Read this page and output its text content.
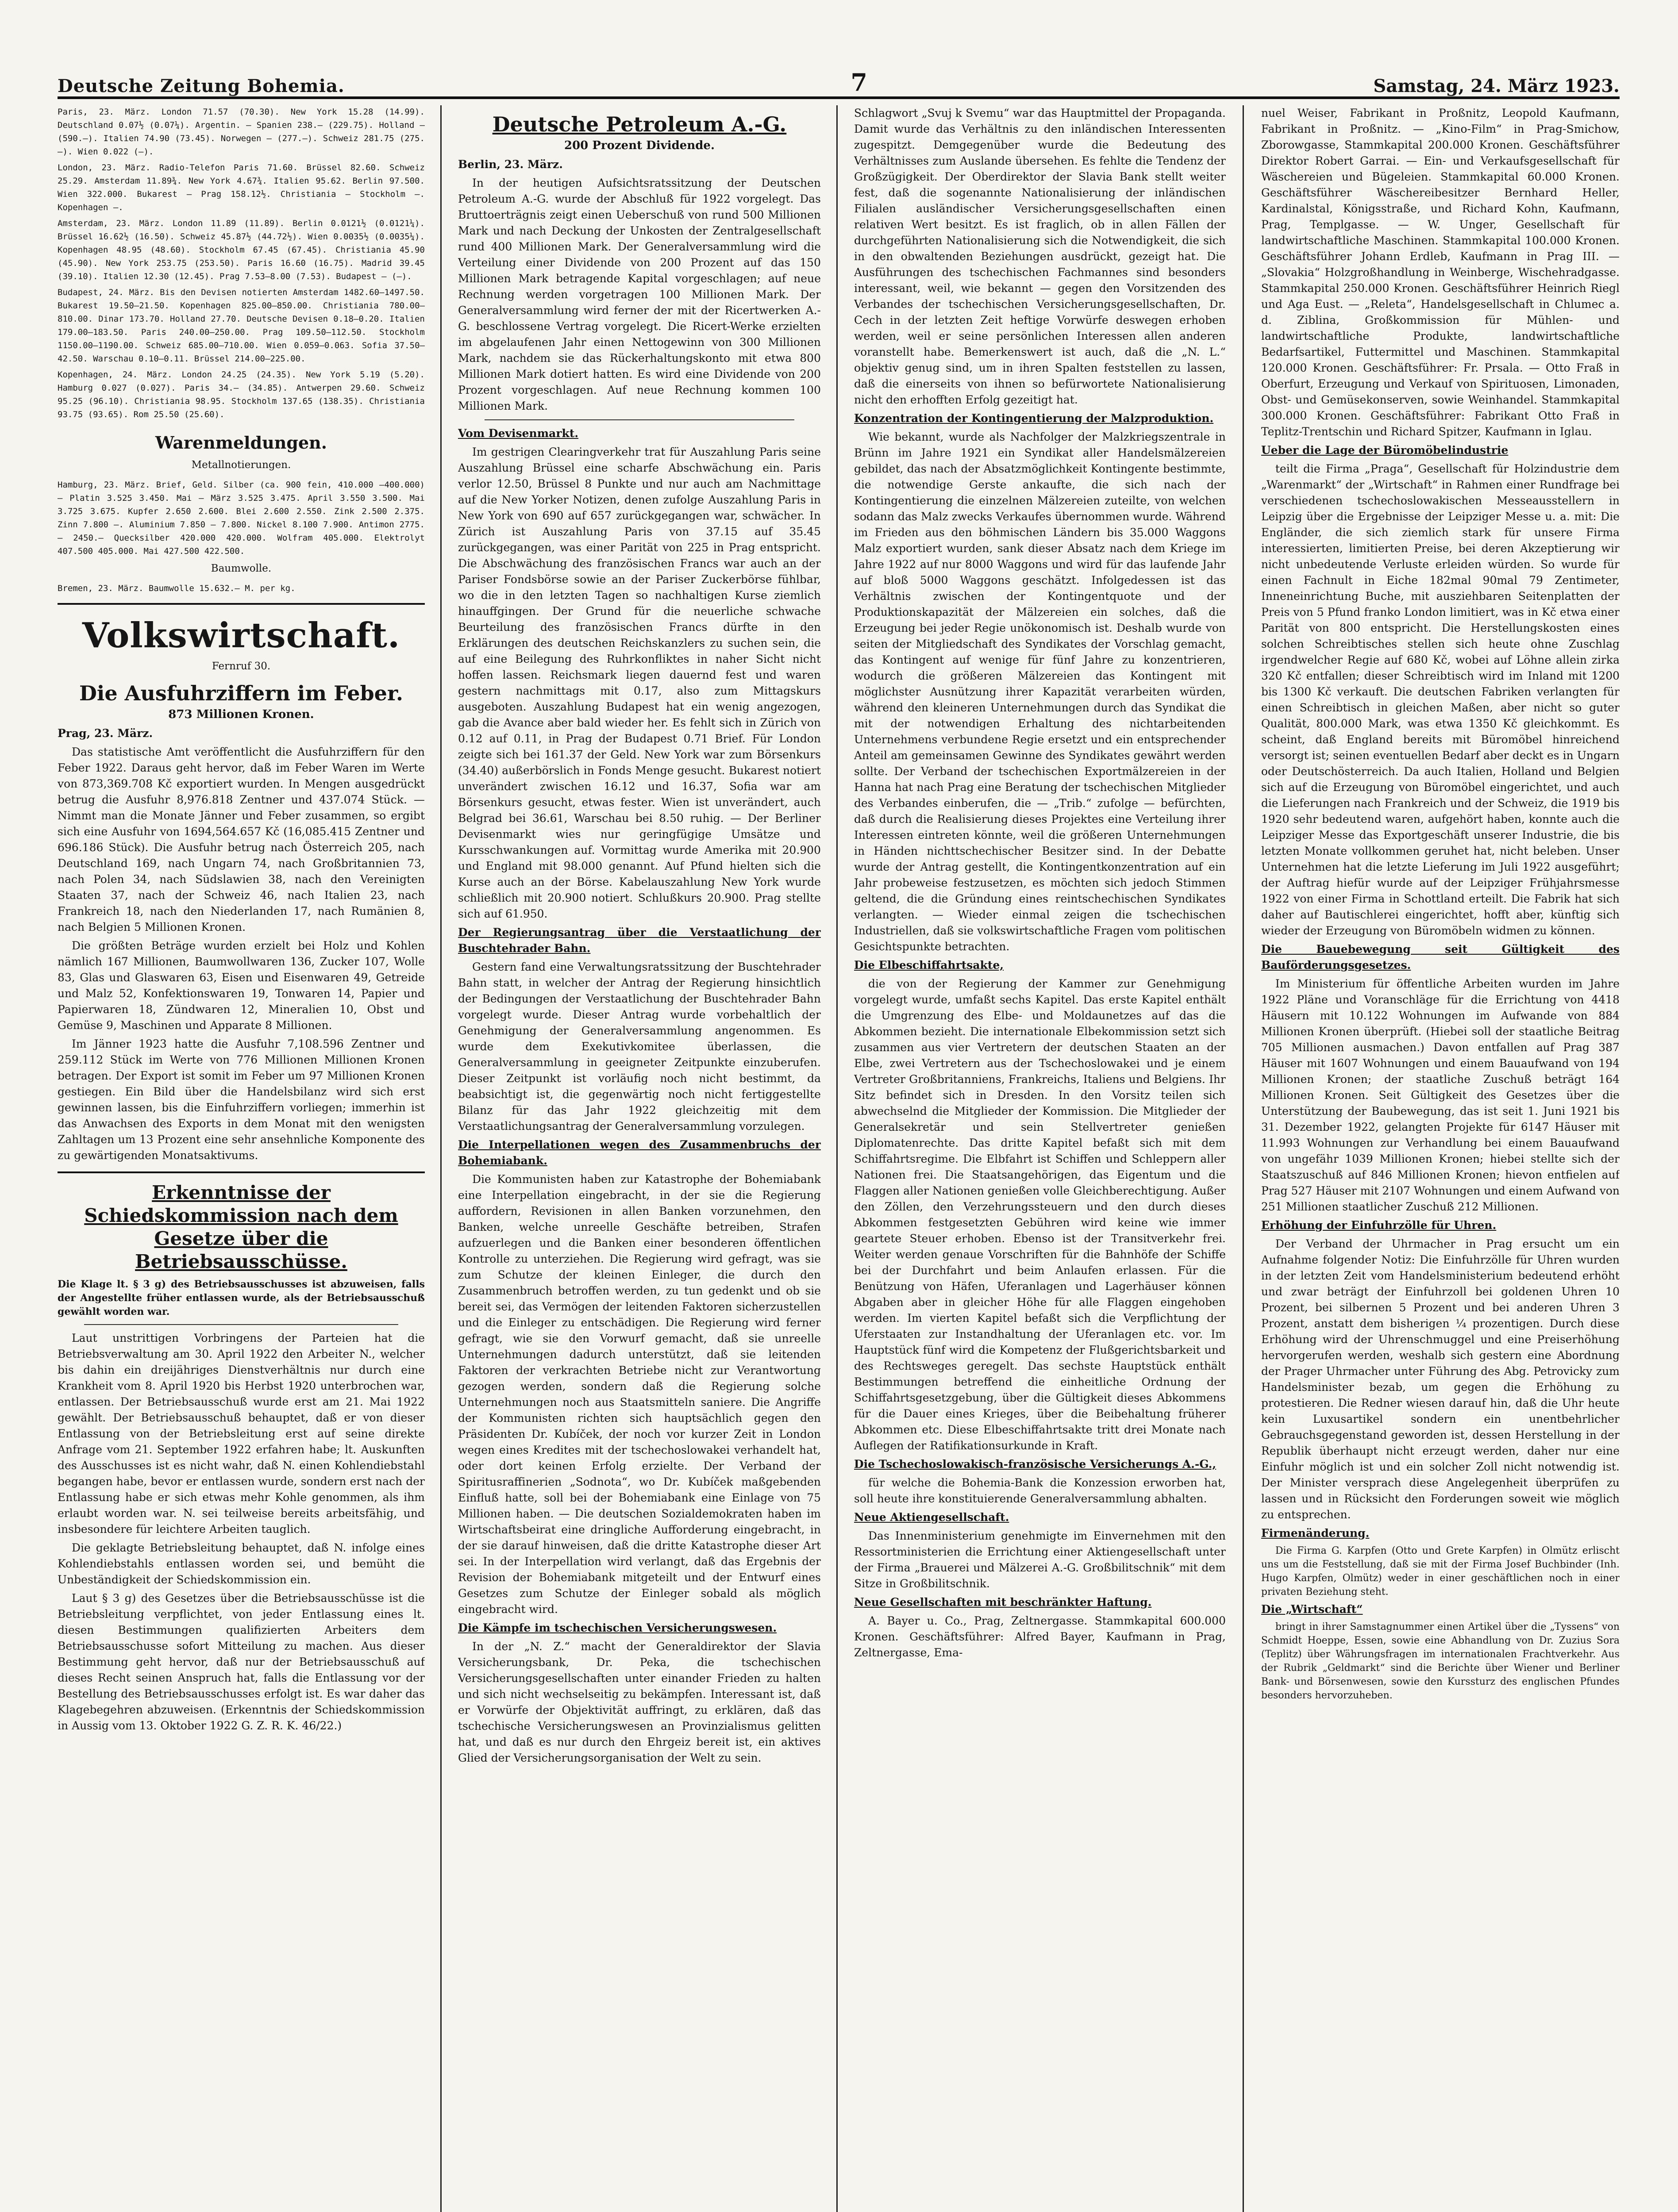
Deutsche Zeitung Bohemia.	7	Samstag, 24. März 1923.

Paris, 23. März. London 71.57 (70.30). New York 15.28 (14.99). Deutschland 0.07½ (0.07¼). Argentin. — Spanien 238.— (229.75). Holland — (590.—). Italien 74.90 (73.45). Norwegen — (277.—). Schweiz 281.75 (275.—). Wien 0.022 (—).

London, 23. März. Radio-Telefon Paris 71.60. Brüssel 82.60. Schweiz 25.29. Amsterdam 11.89¾. New York 4.67¾. Italien 95.62. Berlin 97.500. Wien 322.000. Bukarest — Prag 158.12½. Christiania — Stockholm —. Kopenhagen —.

Amsterdam, 23. März. London 11.89 (11.89). Berlin 0.0121½ (0.0121¼). Brüssel 16.62½ (16.50). Schweiz 45.87½ (44.72½). Wien 0.0035½ (0.0035¼). Kopenhagen 48.95 (48.60). Stockholm 67.45 (67.45). Christiania 45.90 (45.90). New York 253.75 (253.50). Paris 16.60 (16.75). Madrid 39.45 (39.10). Italien 12.30 (12.45). Prag 7.53—8.00 (7.53). Budapest — (—).

Budapest, 24. März. Bis den Devisen notierten Amsterdam 1482.60—1497.50. Bukarest 19.50—21.50. Kopenhagen 825.00—850.00. Christiania 780.00—810.00. Dinar 173.70. Holland 27.70. Deutsche Devisen 0.18—0.20. Italien 179.00—183.50. Paris 240.00—250.00. Prag 109.50—112.50. Stockholm 1150.00—1190.00. Schweiz 685.00—710.00. Wien 0.059—0.063. Sofia 37.50—42.50. Warschau 0.10—0.11. Brüssel 214.00—225.00.

Kopenhagen, 24. März. London 24.25 (24.35). New York 5.19 (5.20). Hamburg 0.027 (0.027). Paris 34.— (34.85). Antwerpen 29.60. Schweiz 95.25 (96.10). Christiania 98.95. Stockholm 137.65 (138.35). Christiania 93.75 (93.65). Rom 25.50 (25.60).

Warenmeldungen.
Metallnotierungen.

Hamburg, 23. März. Brief, Geld. Silber (ca. 900 fein, 410.000 —400.000) — Platin 3.525 3.450. Mai — März 3.525 3.475. April 3.550 3.500. Mai 3.725 3.675. Kupfer 2.650 2.600. Blei 2.600 2.550. Zink 2.500 2.375. Zinn 7.800 —. Aluminium 7.850 — 7.800. Nickel 8.100 7.900. Antimon 2775.— 2450.— Quecksilber 420.000 420.000. Wolfram 405.000. Elektrolyt 407.500 405.000. Mai 427.500 422.500.

Baumwolle.

Bremen, 23. März. Baumwolle 15.632.— M. per kg.

Volkswirtschaft.
Fernruf 30.
Die Ausfuhrziffern im Feber.
873 Millionen Kronen.

Prag, 23. März.

Das statistische Amt veröffentlicht die Ausfuhrziffern für den Feber 1922. Daraus geht hervor, daß im Feber Waren im Werte von 873,369.708 Kč exportiert wurden. In Mengen ausgedrückt betrug die Ausfuhr 8,976.818 Zentner und 437.074 Stück. — Nimmt man die Monate Jänner und Feber zusammen, so ergibt sich eine Ausfuhr von 1694,564.657 Kč (16,085.415 Zentner und 696.186 Stück). Die Ausfuhr betrug nach Österreich 205, nach Deutschland 169, nach Ungarn 74, nach Großbritannien 73, nach Polen 34, nach Südslawien 38, nach den Vereinigten Staaten 37, nach der Schweiz 46, nach Italien 23, nach Frankreich 18, nach den Niederlanden 17, nach Rumänien 8, nach Belgien 5 Millionen Kronen.

Die größten Beträge wurden erzielt bei Holz und Kohlen nämlich 167 Millionen, Baumwollwaren 136, Zucker 107, Wolle 83, Glas und Glaswaren 63, Eisen und Eisenwaren 49, Getreide und Malz 52, Konfektionswaren 19, Tonwaren 14, Papier und Papierwaren 18, Zündwaren 12, Mineralien 10, Obst und Gemüse 9, Maschinen und Apparate 8 Millionen.

Im Jänner 1923 hatte die Ausfuhr 7,108.596 Zentner und 259.112 Stück im Werte von 776 Millionen Millionen Kronen betragen. Der Export ist somit im Feber um 97 Millionen Kronen gestiegen. Ein Bild über die Handelsbilanz wird sich erst gewinnen lassen, bis die Einfuhrziffern vorliegen; immerhin ist das Anwachsen des Exports in dem Monat mit den wenigsten Zahltagen um 13 Prozent eine sehr ansehnliche Komponente des zu gewärtigenden Monatsaktivums.

Erkenntnisse der Schiedskommission nach dem Gesetze über die Betriebsausschüsse.

Die Klage lt. § 3 g) des Betriebsausschusses ist abzuweisen, falls der Angestellte früher entlassen wurde, als der Betriebsausschuß gewählt worden war.

Laut unstrittigen Vorbringens der Parteien hat die Betriebsverwaltung am 30. April 1922 den Arbeiter N., welcher bis dahin ein dreijähriges Dienstverhältnis nur durch eine Krankheit vom 8. April 1920 bis Herbst 1920 unterbrochen war, entlassen. Der Betriebsausschuß wurde erst am 21. Mai 1922 gewählt. Der Betriebsausschuß behauptet, daß er von dieser Entlassung von der Betriebsleitung erst auf seine direkte Anfrage vom 21. September 1922 erfahren habe; lt. Auskunften des Ausschusses ist es nicht wahr, daß N. einen Kohlendiebstahl begangen habe, bevor er entlassen wurde, sondern erst nach der Entlassung habe er sich etwas mehr Kohle genommen, als ihm erlaubt worden war. N. sei teilweise bereits arbeitsfähig, und insbesondere für leichtere Arbeiten tauglich.

Die geklagte Betriebsleitung behauptet, daß N. infolge eines Kohlendiebstahls entlassen worden sei, und bemüht die Unbeständigkeit der Schiedskommission ein.

Laut § 3 g) des Gesetzes über die Betriebsausschüsse ist die Betriebsleitung verpflichtet, von jeder Entlassung eines lt. diesen Bestimmungen qualifizierten Arbeiters dem Betriebsausschusse sofort Mitteilung zu machen. Aus dieser Bestimmung geht hervor, daß nur der Betriebsausschuß auf dieses Recht seinen Anspruch hat, falls die Entlassung vor der Bestellung des Betriebsausschusses erfolgt ist. Es war daher das Klagebegehren abzuweisen. (Erkenntnis der Schiedskommission in Aussig vom 13. Oktober 1922 G. Z. R. K. 46/22.)

Deutsche Petroleum A.-G.
200 Prozent Dividende.

Berlin, 23. März.

In der heutigen Aufsichtsratssitzung der Deutschen Petroleum A.-G. wurde der Abschluß für 1922 vorgelegt. Das Bruttoerträgnis zeigt einen Ueberschuß von rund 500 Millionen Mark und nach Deckung der Unkosten der Zentralgesellschaft rund 400 Millionen Mark. Der Generalversammlung wird die Verteilung einer Dividende von 200 Prozent auf das 150 Millionen Mark betragende Kapital vorgeschlagen; auf neue Rechnung werden vorgetragen 100 Millionen Mark. Der Generalversammlung wird ferner der mit der Ricertwerken A.-G. beschlossene Vertrag vorgelegt. Die Ricert-Werke erzielten im abgelaufenen Jahr einen Nettogewinn von 300 Millionen Mark, nachdem sie das Rückerhaltungskonto mit etwa 800 Millionen Mark dotiert hatten. Es wird eine Dividende von 200 Prozent vorgeschlagen. Auf neue Rechnung kommen 100 Millionen Mark.

Vom Devisenmarkt.

Im gestrigen Clearingverkehr trat für Auszahlung Paris seine Auszahlung Brüssel eine scharfe Abschwächung ein. Paris verlor 12.50, Brüssel 8 Punkte und nur auch am Nachmittage auf die New Yorker Notizen, denen zufolge Auszahlung Paris in New York von 690 auf 657 zurückgegangen war, schwächer. In Zürich ist Auszahlung Paris von 37.15 auf 35.45 zurückgegangen, was einer Parität von 225 in Prag entspricht. Die Abschwächung des französischen Francs war auch an der Pariser Fondsbörse sowie an der Pariser Zuckerbörse fühlbar, wo die in den letzten Tagen so nachhaltigen Kurse ziemlich hinauffgingen. Der Grund für die neuerliche schwache Beurteilung des französischen Francs dürfte in den Erklärungen des deutschen Reichskanzlers zu suchen sein, die auf eine Beilegung des Ruhrkonfliktes in naher Sicht nicht hoffen lassen. Reichsmark liegen dauernd fest und waren gestern nachmittags mit 0.17, also zum Mittagskurs ausgeboten. Auszahlung Budapest hat ein wenig angezogen, gab die Avance aber bald wieder her. Es fehlt sich in Zürich von 0.12 auf 0.11, in Prag der Budapest 0.71 Brief. Für London zeigte sich bei 161.37 der Geld. New York war zum Börsenkurs (34.40) außerbörslich in Fonds Menge gesucht. Bukarest notiert unverändert zwischen 16.12 und 16.37, Sofia war am Börsenkurs gesucht, etwas fester. Wien ist unverändert, auch Belgrad bei 36.61, Warschau bei 8.50 ruhig. — Der Berliner Devisenmarkt wies nur geringfügige Umsätze und Kursschwankungen auf. Vormittag wurde Amerika mit 20.900 und England mit 98.000 genannt. Auf Pfund hielten sich die Kurse auch an der Börse. Kabelauszahlung New York wurde schließlich mit 20.900 notiert. Schlußkurs 20.900. Prag stellte sich auf 61.950.

Der Regierungsantrag über die Verstaatlichung der Buschtehrader Bahn.

Gestern fand eine Verwaltungsratssitzung der Buschtehrader Bahn statt, in welcher der Antrag der Regierung hinsichtlich der Bedingungen der Verstaatlichung der Buschtehrader Bahn vorgelegt wurde. Dieser Antrag wurde vorbehaltlich der Genehmigung der Generalversammlung angenommen. Es wurde dem Exekutivkomitee überlassen, die Generalversammlung in geeigneter Zeitpunkte einzuberufen. Dieser Zeitpunkt ist vorläufig noch nicht bestimmt, da beabsichtigt ist, die gegenwärtig noch nicht fertiggestellte Bilanz für das Jahr 1922 gleichzeitig mit dem Verstaatlichungsantrag der Generalversammlung vorzulegen.

Die Interpellationen wegen des Zusammenbruchs der Bohemiabank.

Die Kommunisten haben zur Katastrophe der Bohemiabank eine Interpellation eingebracht, in der sie die Regierung auffordern, Revisionen in allen Banken vorzunehmen, den Banken, welche unreelle Geschäfte betreiben, Strafen aufzuerlegen und die Banken einer besonderen öffentlichen Kontrolle zu unterziehen. Die Regierung wird gefragt, was sie zum Schutze der kleinen Einleger, die durch den Zusammenbruch betroffen werden, zu tun gedenkt und ob sie bereit sei, das Vermögen der leitenden Faktoren sicherzustellen und die Einleger zu entschädigen. Die Regierung wird ferner gefragt, wie sie den Vorwurf gemacht, daß sie unreelle Unternehmungen dadurch unterstützt, daß sie leitenden Faktoren der verkrachten Betriebe nicht zur Verantwortung gezogen werden, sondern daß die Regierung solche Unternehmungen noch aus Staatsmitteln saniere. Die Angriffe der Kommunisten richten sich hauptsächlich gegen den Präsidenten Dr. Kubíček, der noch vor kurzer Zeit in London wegen eines Kredites mit der tschechoslowakei verhandelt hat, oder dort keinen Erfolg erzielte. Der Verband der Spiritusraffinerien „Sodnota“, wo Dr. Kubíček maßgebenden Einfluß hatte, soll bei der Bohemiabank eine Einlage von 75 Millionen haben. — Die deutschen Sozialdemokraten haben im Wirtschaftsbeirat eine dringliche Aufforderung eingebracht, in der sie darauf hinweisen, daß die dritte Katastrophe dieser Art sei. In der Interpellation wird verlangt, daß das Ergebnis der Revision der Bohemiabank mitgeteilt und der Entwurf eines Gesetzes zum Schutze der Einleger sobald als möglich eingebracht wird.

Die Kämpfe im tschechischen Versicherungswesen.

In der „N. Z.“ macht der Generaldirektor der Slavia Versicherungsbank, Dr. Peka, die tschechischen Versicherungsgesellschaften unter einander Frieden zu halten und sich nicht wechselseitig zu bekämpfen. Interessant ist, daß er Vorwürfe der Objektivität auffringt, zu erklären, daß das tschechische Versicherungswesen an Provinzialismus gelitten hat, und daß es nur durch den Ehrgeiz bereit ist, ein aktives Glied der Versicherungsorganisation der Welt zu sein.

Schlagwort „Svuj k Svemu“ war das Hauptmittel der Propaganda. Damit wurde das Verhältnis zu den inländischen Interessenten zugespitzt. Demgegenüber wurde die Bedeutung des Verhältnisses zum Auslande übersehen. Es fehlte die Tendenz der Großzügigkeit. Der Oberdirektor der Slavia Bank stellt weiter fest, daß die sogenannte Nationalisierung der inländischen Filialen ausländischer Versicherungsgesellschaften einen relativen Wert besitzt. Es ist fraglich, ob in allen Fällen der durchgeführten Nationalisierung sich die Notwendigkeit, die sich in den obwaltenden Beziehungen ausdrückt, gezeigt hat. Die Ausführungen des tschechischen Fachmannes sind besonders interessant, weil, wie bekannt — gegen den Vorsitzenden des Verbandes der tschechischen Versicherungsgesellschaften, Dr. Cech in der letzten Zeit heftige Vorwürfe deswegen erhoben werden, weil er seine persönlichen Interessen allen anderen voranstellt habe. Bemerkenswert ist auch, daß die „N. L.“ objektiv genug sind, um in ihren Spalten feststellen zu lassen, daß die einerseits von ihnen so befürwortete Nationalisierung nicht den erhofften Erfolg gezeitigt hat.

Konzentration der Kontingentierung der Malzproduktion.

Wie bekannt, wurde als Nachfolger der Malzkriegszentrale in Brünn im Jahre 1921 ein Syndikat aller Handelsmälzereien gebildet, das nach der Absatzmöglichkeit Kontingente bestimmte, die notwendige Gerste ankaufte, die sich nach der Kontingentierung die einzelnen Mälzereien zuteilte, von welchen sodann das Malz zwecks Verkaufes übernommen wurde. Während im Frieden aus den böhmischen Ländern bis 35.000 Waggons Malz exportiert wurden, sank dieser Absatz nach dem Kriege im Jahre 1922 auf nur 8000 Waggons und wird für das laufende Jahr auf bloß 5000 Waggons geschätzt. Infolgedessen ist das Verhältnis zwischen der Kontingentquote und der Produktionskapazität der Mälzereien ein solches, daß die Erzeugung bei jeder Regie unökonomisch ist. Deshalb wurde von seiten der Mitgliedschaft des Syndikates der Vorschlag gemacht, das Kontingent auf wenige für fünf Jahre zu konzentrieren, wodurch die größeren Mälzereien das Kontingent mit möglichster Ausnützung ihrer Kapazität verarbeiten würden, während den kleineren Unternehmungen durch das Syndikat die mit der notwendigen Erhaltung des nichtarbeitenden Unternehmens verbundene Regie ersetzt und ein entsprechender Anteil am gemeinsamen Gewinne des Syndikates gewährt werden sollte. Der Verband der tschechischen Exportmälzereien in der Hanna hat nach Prag eine Beratung der tschechischen Mitglieder des Verbandes einberufen, die — „Trib.“ zufolge — befürchten, daß durch die Realisierung dieses Projektes eine Verteilung ihrer Interessen eintreten könnte, weil die größeren Unternehmungen in Händen nichttschechischer Besitzer sind. In der Debatte wurde der Antrag gestellt, die Kontingentkonzentration auf ein Jahr probeweise festzusetzen, es möchten sich jedoch Stimmen geltend, die die Gründung eines reintschechischen Syndikates verlangten. — Wieder einmal zeigen die tschechischen Industriellen, daß sie volkswirtschaftliche Fragen vom politischen Gesichtspunkte betrachten.

Die Elbeschiffahrtsakte,

die von der Regierung der Kammer zur Genehmigung vorgelegt wurde, umfaßt sechs Kapitel. Das erste Kapitel enthält die Umgrenzung des Elbe- und Moldaunetzes auf das die Abkommen bezieht. Die internationale Elbekommission setzt sich zusammen aus vier Vertretern der deutschen Staaten an der Elbe, zwei Vertretern aus der Tschechoslowakei und je einem Vertreter Großbritanniens, Frankreichs, Italiens und Belgiens. Ihr Sitz befindet sich in Dresden. In den Vorsitz teilen sich abwechselnd die Mitglieder der Kommission. Die Mitglieder der Generalsekretär und sein Stellvertreter genießen Diplomatenrechte. Das dritte Kapitel befaßt sich mit dem Schiffahrtsregime. Die Elbfahrt ist Schiffen und Schleppern aller Nationen frei. Die Staatsangehörigen, das Eigentum und die Flaggen aller Nationen genießen volle Gleichberechtigung. Außer den Zöllen, den Verzehrungssteuern und den durch dieses Abkommen festgesetzten Gebühren wird keine wie immer geartete Steuer erhoben. Ebenso ist der Transitverkehr frei. Weiter werden genaue Vorschriften für die Bahnhöfe der Schiffe bei der Durchfahrt und beim Anlaufen erlassen. Für die Benützung von Häfen, Uferanlagen und Lagerhäuser können Abgaben aber in gleicher Höhe für alle Flaggen eingehoben werden. Im vierten Kapitel befaßt sich die Verpflichtung der Uferstaaten zur Instandhaltung der Uferanlagen etc. vor. Im Hauptstück fünf wird die Kompetenz der Flußgerichtsbarkeit und des Rechtsweges geregelt. Das sechste Hauptstück enthält Bestimmungen betreffend die einheitliche Ordnung der Schiffahrtsgesetzgebung, über die Gültigkeit dieses Abkommens für die Dauer eines Krieges, über die Beibehaltung früherer Abkommen etc. Diese Elbeschiffahrtsakte tritt drei Monate nach Auflegen der Ratifikationsurkunde in Kraft.

Die Tschechoslowakisch-französische Versicherungs A.-G.,

für welche die Bohemia-Bank die Konzession erworben hat, soll heute ihre konstituierende Generalversammlung abhalten.

Neue Aktiengesellschaft.

Das Innenministerium genehmigte im Einvernehmen mit den Ressortministerien die Errichtung einer Aktiengesellschaft unter der Firma „Brauerei und Mälzerei A.-G. Großbilitschnik“ mit dem Sitze in Großbilitschnik.

Neue Gesellschaften mit beschränkter Haftung.

A. Bayer u. Co., Prag, Zeltnergasse. Stammkapital 600.000 Kronen. Geschäftsführer: Alfred Bayer, Kaufmann in Prag, Zeltnergasse, Ema-

nuel Weiser, Fabrikant in Proßnitz, Leopold Kaufmann, Fabrikant in Proßnitz. — „Kino-Film“ in Prag-Smichow, Zborowgasse, Stammkapital 200.000 Kronen. Geschäftsführer Direktor Robert Garrai. — Ein- und Verkaufsgesellschaft für Wäschereien und Bügeleien. Stammkapital 60.000 Kronen. Geschäftsführer Wäschereibesitzer Bernhard Heller, Kardinalstal, Königsstraße, und Richard Kohn, Kaufmann, Prag, Templgasse. — W. Unger, Gesellschaft für landwirtschaftliche Maschinen. Stammkapital 100.000 Kronen. Geschäftsführer Johann Erdleb, Kaufmann in Prag III. — „Slovakia“ Holzgroßhandlung in Weinberge, Wischehradgasse. Stammkapital 250.000 Kronen. Geschäftsführer Heinrich Riegl und Aga Eust. — „Releta“, Handelsgesellschaft in Chlumec a. d. Ziblina, Großkommission für Mühlen- und landwirtschaftliche Produkte, landwirtschaftliche Bedarfsartikel, Futtermittel und Maschinen. Stammkapital 120.000 Kronen. Geschäftsführer: Fr. Prsala. — Otto Fraß in Oberfurt, Erzeugung und Verkauf von Spirituosen, Limonaden, Obst- und Gemüsekonserven, sowie Weinhandel. Stammkapital 300.000 Kronen. Geschäftsführer: Fabrikant Otto Fraß in Teplitz-Trentschin und Richard Spitzer, Kaufmann in Iglau.

Ueber die Lage der Büromöbelindustrie

teilt die Firma „Praga“, Gesellschaft für Holzindustrie dem „Warenmarkt“ der „Wirtschaft“ in Rahmen einer Rundfrage bei verschiedenen tschechoslowakischen Messeausstellern in Leipzig über die Ergebnisse der Leipziger Messe u. a. mit: Die Engländer, die sich ziemlich stark für unsere Firma interessierten, limitierten Preise, bei deren Akzeptierung wir nicht unbedeutende Verluste erleiden würden. So wurde für einen Fachnult in Eiche 182mal 90mal 79 Zentimeter, Inneneinrichtung Buche, mit ausziehbaren Seitenplatten der Preis von 5 Pfund franko London limitiert, was in Kč etwa einer Parität von 800 entspricht. Die Herstellungskosten eines solchen Schreibtisches stellen sich heute ohne Zuschlag irgendwelcher Regie auf 680 Kč, wobei auf Löhne allein zirka 320 Kč entfallen; dieser Schreibtisch wird im Inland mit 1200 bis 1300 Kč verkauft. Die deutschen Fabriken verlangten für einen Schreibtisch in gleichen Maßen, aber nicht so guter Qualität, 800.000 Mark, was etwa 1350 Kč gleichkommt. Es scheint, daß England bereits mit Büromöbel hinreichend versorgt ist; seinen eventuellen Bedarf aber deckt es in Ungarn oder Deutschösterreich. Da auch Italien, Holland und Belgien sich auf die Erzeugung von Büromöbel eingerichtet, und auch die Lieferungen nach Frankreich und der Schweiz, die 1919 bis 1920 sehr bedeutend waren, aufgehört haben, konnte auch die Leipziger Messe das Exportgeschäft unserer Industrie, die bis letzten Monate vollkommen geruhet hat, nicht beleben. Unser Unternehmen hat die letzte Lieferung im Juli 1922 ausgeführt; der Auftrag hiefür wurde auf der Leipziger Frühjahrsmesse 1922 von einer Firma in Schottland erteilt. Die Fabrik hat sich daher auf Bautischlerei eingerichtet, hofft aber, künftig sich wieder der Erzeugung von Büromöbeln widmen zu können.

Die Bauebewegung seit Gültigkeit des Bauförderungsgesetzes.

Im Ministerium für öffentliche Arbeiten wurden im Jahre 1922 Pläne und Voranschläge für die Errichtung von 4418 Häusern mit 10.122 Wohnungen im Aufwande von 884 Millionen Kronen überprüft. (Hiebei soll der staatliche Beitrag 705 Millionen ausmachen.) Davon entfallen auf Prag 387 Häuser mit 1607 Wohnungen und einem Bauaufwand von 194 Millionen Kronen; der staatliche Zuschuß beträgt 164 Millionen Kronen. Seit Gültigkeit des Gesetzes über die Unterstützung der Baubewegung, das ist seit 1. Juni 1921 bis 31. Dezember 1922, gelangten Projekte für 6147 Häuser mit 11.993 Wohnungen zur Verhandlung bei einem Bauaufwand von ungefähr 1039 Millionen Kronen; hiebei stellte sich der Staatszuschuß auf 846 Millionen Kronen; hievon entfielen auf Prag 527 Häuser mit 2107 Wohnungen und einem Aufwand von 251 Millionen staatlicher Zuschuß 212 Millionen.

Erhöhung der Einfuhrzölle für Uhren.

Der Verband der Uhrmacher in Prag ersucht um ein Aufnahme folgender Notiz: Die Einfuhrzölle für Uhren wurden in der letzten Zeit vom Handelsministerium bedeutend erhöht und zwar beträgt der Einfuhrzoll bei goldenen Uhren 10 Prozent, bei silbernen 5 Prozent und bei anderen Uhren 3 Prozent, anstatt dem bisherigen ¼ prozentigen. Durch diese Erhöhung wird der Uhrenschmuggel und eine Preiserhöhung hervorgerufen werden, weshalb sich gestern eine Abordnung der Prager Uhrmacher unter Führung des Abg. Petrovicky zum Handelsminister bezab, um gegen die Erhöhung zu protestieren. Die Redner wiesen darauf hin, daß die Uhr heute kein Luxusartikel sondern ein unentbehrlicher Gebrauchsgegenstand geworden ist, dessen Herstellung in der Republik überhaupt nicht erzeugt werden, daher nur eine Einfuhr möglich ist und ein solcher Zoll nicht notwendig ist. Der Minister versprach diese Angelegenheit überprüfen zu lassen und in Rücksicht den Forderungen soweit wie möglich zu entsprechen.

Firmenänderung.

Die Firma G. Karpfen (Otto und Grete Karpfen) in Olmütz erlischt uns um die Feststellung, daß sie mit der Firma Josef Buchbinder (Inh. Hugo Karpfen, Olmütz) weder in einer geschäftlichen noch in einer privaten Beziehung steht.

Die „Wirtschaft“

bringt in ihrer Samstagnummer einen Artikel über die „Tyssens“ von Schmidt Hoeppe, Essen, sowie eine Abhandlung von Dr. Zuzius Sora (Teplitz) über Währungsfragen im internationalen Frachtverkehr. Aus der Rubrik „Geldmarkt“ sind die Berichte über Wiener und Berliner Bank- und Börsenwesen, sowie den Kurssturz des englischen Pfundes besonders hervorzuheben.
